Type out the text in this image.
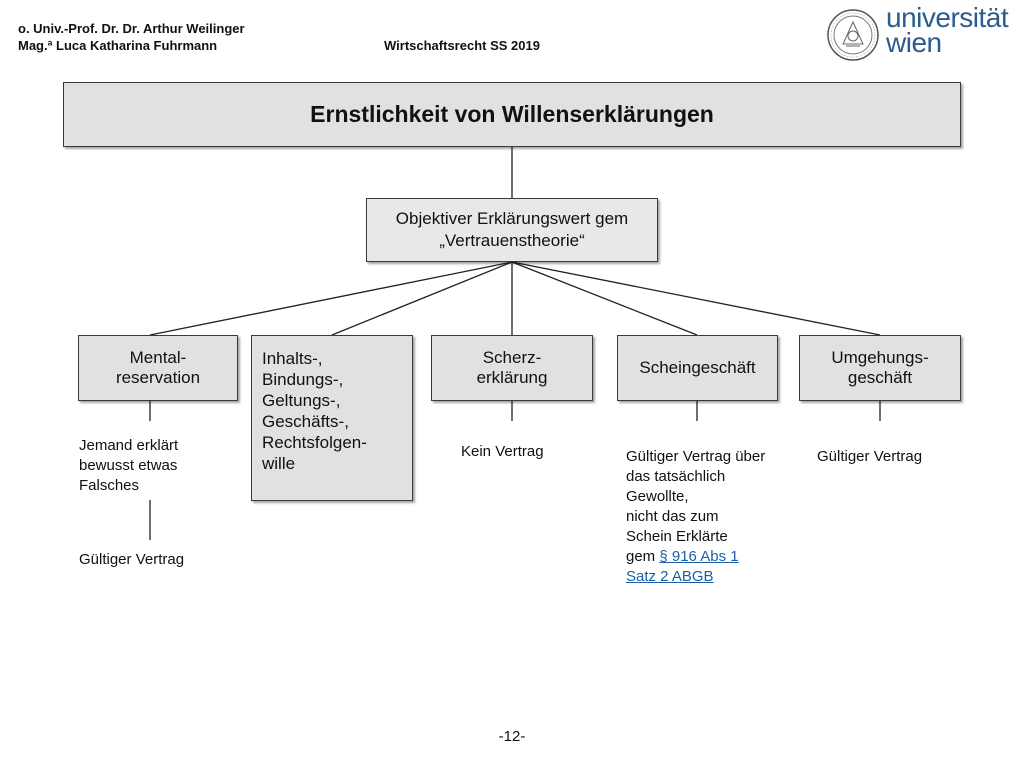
o. Univ.-Prof. Dr. Dr. Arthur Weilinger
Mag.ª Luca Katharina Fuhrmann	Wirtschaftsrecht SS 2019
universität
wien
Ernstlichkeit von Willenserklärungen
Objektiver Erklärungswert gem
„Vertrauenstheorie“
Mental-
reservation
Inhalts-,
Bindungs-,
Geltungs-,
Geschäfts-,
Rechtsfolgen-
wille
Scherz-
erklärung
Scheingeschäft
Umgehungs-
geschäft
Jemand erklärt
bewusst etwas
Falsches
Gültiger Vertrag
Kein Vertrag	Gültiger Vertrag über
das tatsächlich
Gewollte,
nicht das zum
Schein Erklärte
gem § 916 Abs 1
Satz 2 ABGB
Gültiger Vertrag
-12-
